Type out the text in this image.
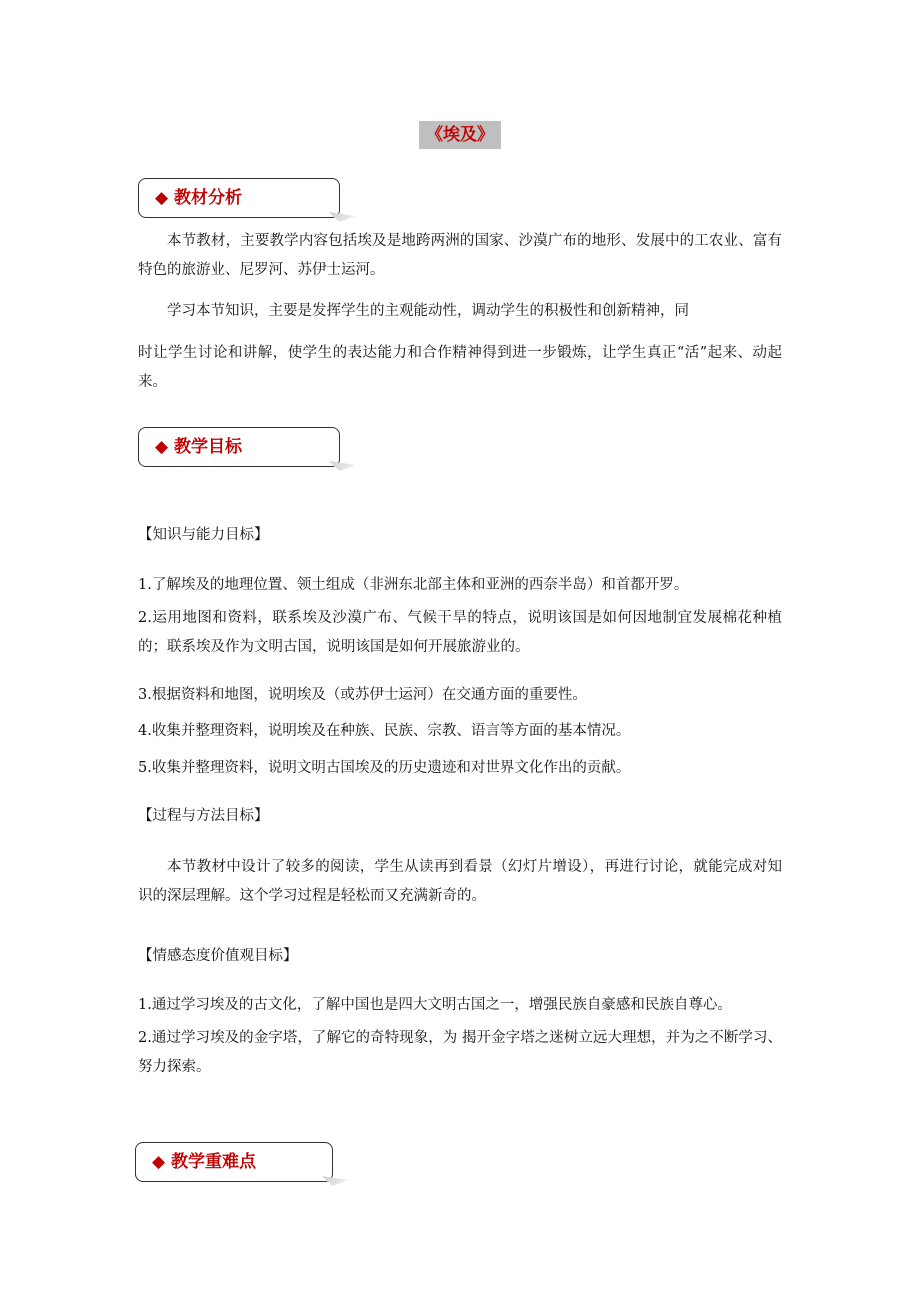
《埃及》
◆ 教材分析
本节教材，主要教学内容包括埃及是地跨两洲的国家、沙漠广布的地形、发展中的工农业、富有特色的旅游业、尼罗河、苏伊士运河。
学习本节知识，主要是发挥学生的主观能动性，调动学生的积极性和创新精神，同
时让学生讨论和讲解，使学生的表达能力和合作精神得到进一步锻炼，让学生真正“活”起来、动起来。
◆ 教学目标
【知识与能力目标】
1.了解埃及的地理位置、领土组成（非洲东北部主体和亚洲的西奈半岛）和首都开罗。
2.运用地图和资料，联系埃及沙漠广布、气候干旱的特点，说明该国是如何因地制宜发展棉花种植的；联系埃及作为文明古国，说明该国是如何开展旅游业的。
3.根据资料和地图，说明埃及（或苏伊士运河）在交通方面的重要性。
4.收集并整理资料，说明埃及在种族、民族、宗教、语言等方面的基本情况。
5.收集并整理资料，说明文明古国埃及的历史遗迹和对世界文化作出的贡献。
【过程与方法目标】
本节教材中设计了较多的阅读，学生从读再到看景（幻灯片增设），再进行讨论，就能完成对知识的深层理解。这个学习过程是轻松而又充满新奇的。
【情感态度价值观目标】
1.通过学习埃及的古文化，了解中国也是四大文明古国之一，增强民族自豪感和民族自尊心。
2.通过学习埃及的金字塔，了解它的奇特现象，为 揭开金字塔之迷树立远大理想，并为之不断学习、努力探索。
◆ 教学重难点
